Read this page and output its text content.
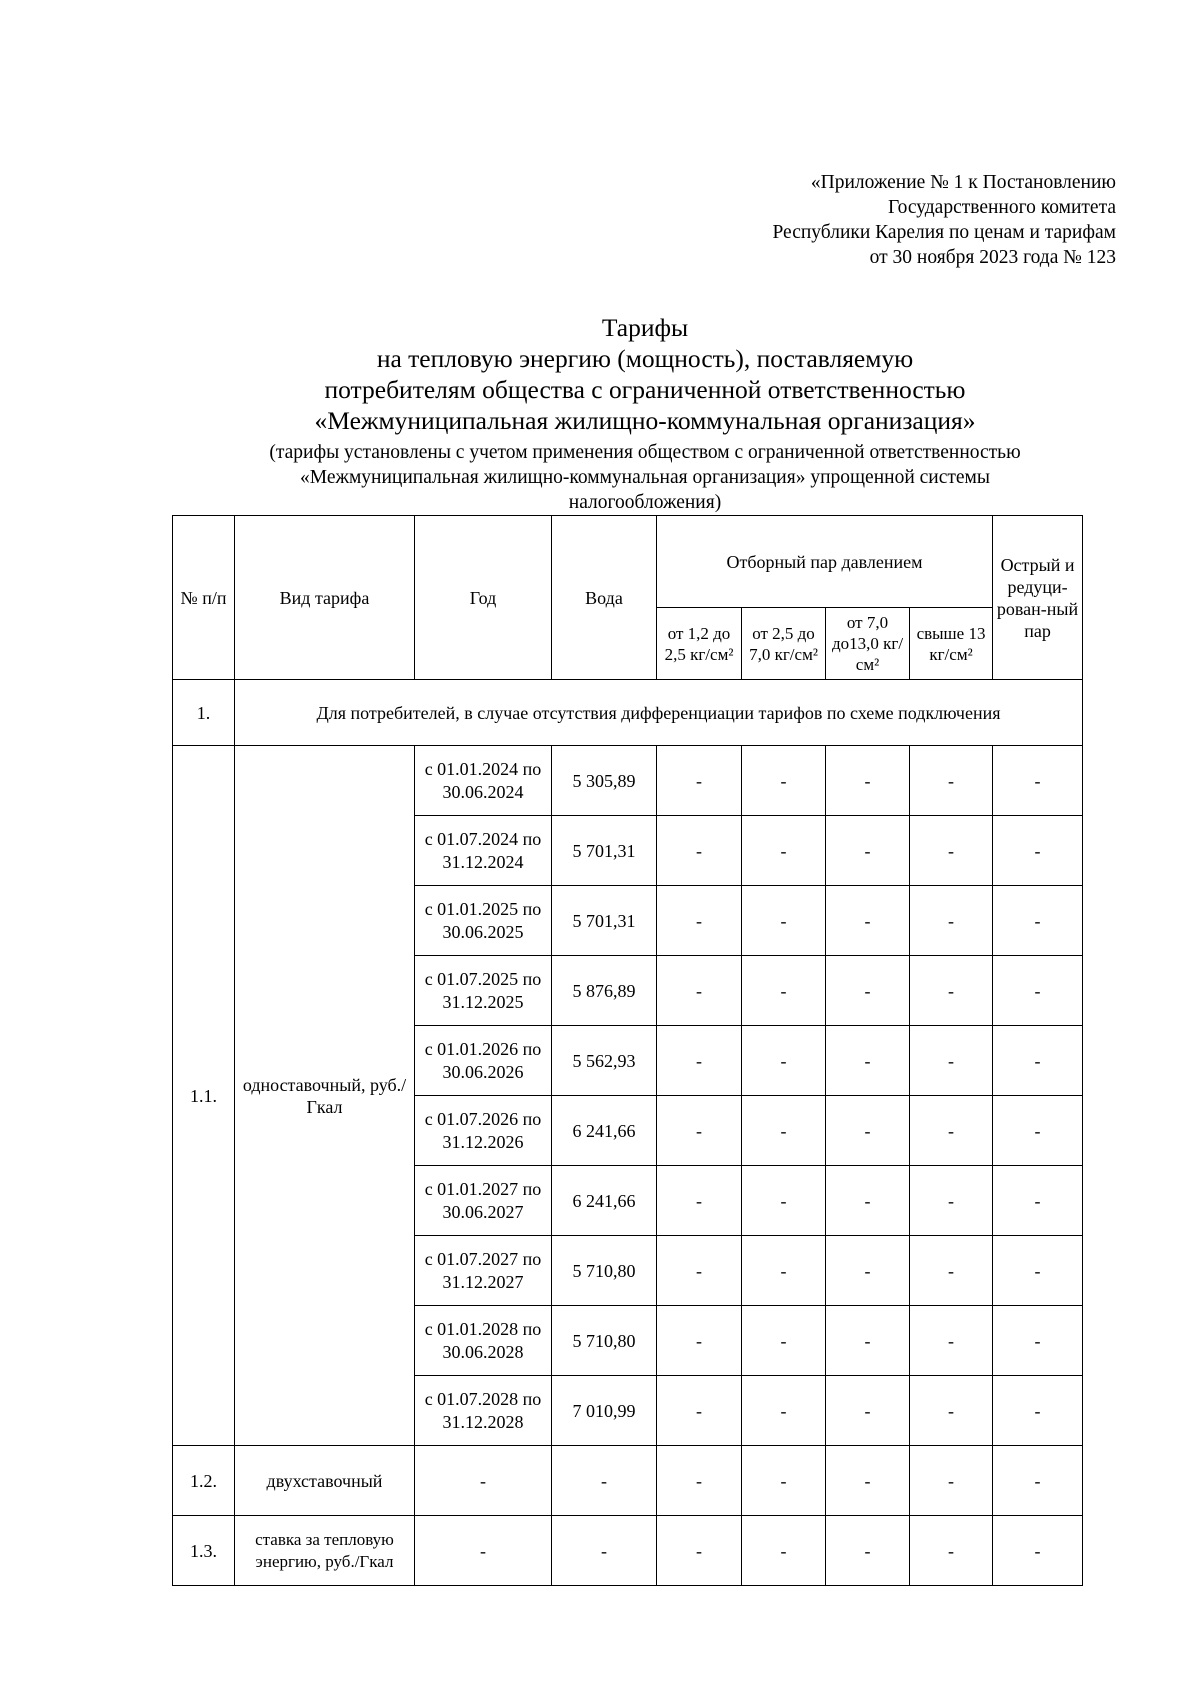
«Приложение № 1 к Постановлению
Государственного комитета
Республики Карелия по ценам и тарифам
от 30 ноября 2023 года № 123
Тарифы
на тепловую энергию (мощность), поставляемую
потребителям общества с ограниченной ответственностью
«Межмуниципальная жилищно-коммунальная организация»
(тарифы установлены с учетом применения обществом с ограниченной ответственностью
«Межмуниципальная жилищно-коммунальная организация» упрощенной системы
налогообложения)
№ п/п	Вид тарифа	Год	Вода	Отборный пар давлением				Острый и редуци-рован-ный пар
				от 1,2 до 2,5 кг/см²	от 2,5 до 7,0 кг/см²	от 7,0 до13,0 кг/см²	свыше 13 кг/см²	
1.	Для потребителей, в случае отсутствия дифференциации тарифов по схеме подключения							
1.1.	одноставочный, руб./Гкал	с 01.01.2024 по 30.06.2024	5 305,89	-	-	-	-	-
		с 01.07.2024 по 31.12.2024	5 701,31	-	-	-	-	-
		с 01.01.2025 по 30.06.2025	5 701,31	-	-	-	-	-
		с 01.07.2025 по 31.12.2025	5 876,89	-	-	-	-	-
		с 01.01.2026 по 30.06.2026	5 562,93	-	-	-	-	-
		с 01.07.2026 по 31.12.2026	6 241,66	-	-	-	-	-
		с 01.01.2027 по 30.06.2027	6 241,66	-	-	-	-	-
		с 01.07.2027 по 31.12.2027	5 710,80	-	-	-	-	-
		с 01.01.2028 по 30.06.2028	5 710,80	-	-	-	-	-
		с 01.07.2028 по 31.12.2028	7 010,99	-	-	-	-	-
1.2.	двухставочный	-	-	-	-	-	-	-
1.3.	ставка за тепловую энергию, руб./Гкал	-	-	-	-	-	-	-
